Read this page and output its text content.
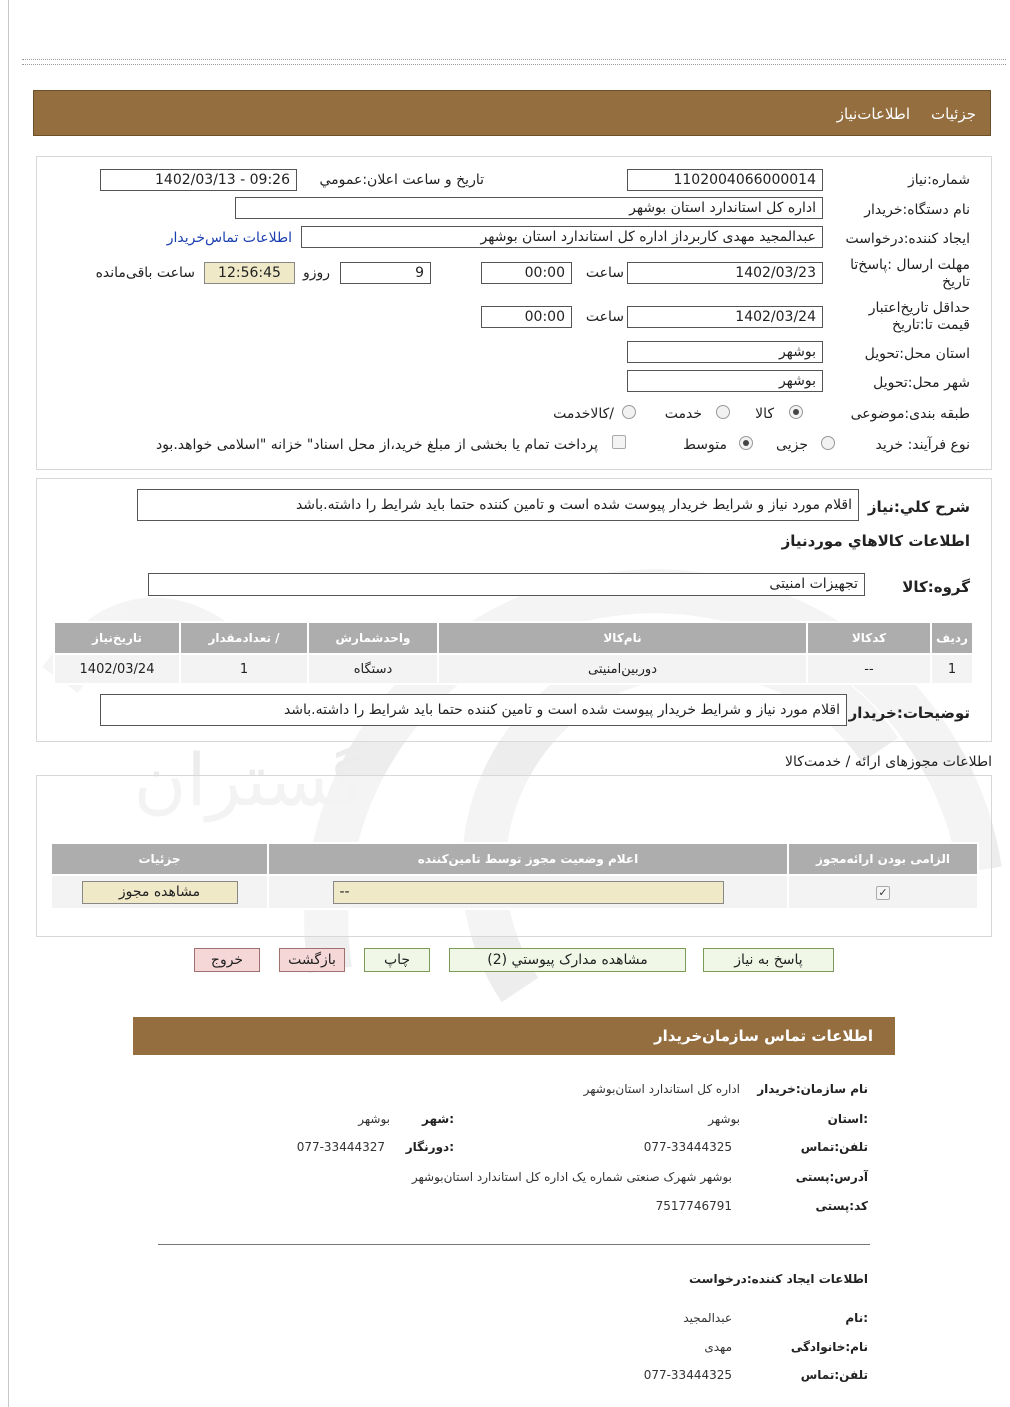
گستران
جزئیات
اطلاعات‌نیاز
شماره:نیاز
1102004066000014
تاریخ و ساعت اعلان:عمومي
1402/03/13 - 09:26
نام دستگاه:خریدار
اداره کل استاندارد استان بوشهر
ایجاد کننده:درخواست
عبدالمجید مهدی کاربرداز اداره کل استاندارد استان بوشهر
اطلاعات تماس‌خریدار
مهلت ارسال :پاسخ‌تا تاریخ
1402/03/23
ساعت
00:00
9
روزو
12:56:45
ساعت باقی‌مانده
حداقل تاریخ‌اعتبار قیمت تا:تاریخ
1402/03/24
ساعت
00:00
استان محل:تحویل
بوشهر
شهر محل:تحویل
بوشهر
طبقه بندی:موضوعی
کالا
خدمت
/کالاخدمت
نوع فرآیند: خرید
جزیی
متوسط
پرداخت تمام یا بخشی از مبلغ خرید،از محل اسناد" خزانه "اسلامی خواهد.بود
شرح کلي:نیاز
اقلام مورد نیاز و شرایط خریدار پیوست شده است و تامین کننده حتما باید شرایط را داشته.باشد
اطلاعات کالاهاي موردنیاز
گروه:کالا
تجهیزات امنیتی
ردیف	کدکالا	نام‌کالا	واحدشمارش	/ تعدادمقدار	تاریخ‌نیاز
1	--	دوربین‌امنیتی	دستگاه	1	1402/03/24
توضیحات:خریدار
اقلام مورد نیاز و شرایط خریدار پیوست شده است و تامین کننده حتما باید شرایط را داشته.باشد
اطلاعات مجوزهای ارائه / خدمت‌کالا
الزامی بودن ارائه‌مجوز	اعلام وضعیت مجوز توسط تامین‌کننده	جزئیات
✓	--	مشاهده مجوز
پاسخ به نیاز
مشاهده مدارک پیوستي (2)
چاپ
بازگشت
خروج
اطلاعات تماس سازمان‌خریدار
نام سازمان:خریدار
اداره کل استاندارد استان‌بوشهر
:استان
بوشهر
:شهر
بوشهر
تلفن:تماس
077-33444325
:دورنگار
077-33444327
آدرس:پستی
بوشهر شهرک صنعتی شماره یک اداره کل استاندارد استان‌بوشهر
کد:پستی
7517746791
اطلاعات ایجاد کننده:درخواست
:نام
عبدالمجید
نام:خانوادگی
مهدی
تلفن:تماس
077-33444325
